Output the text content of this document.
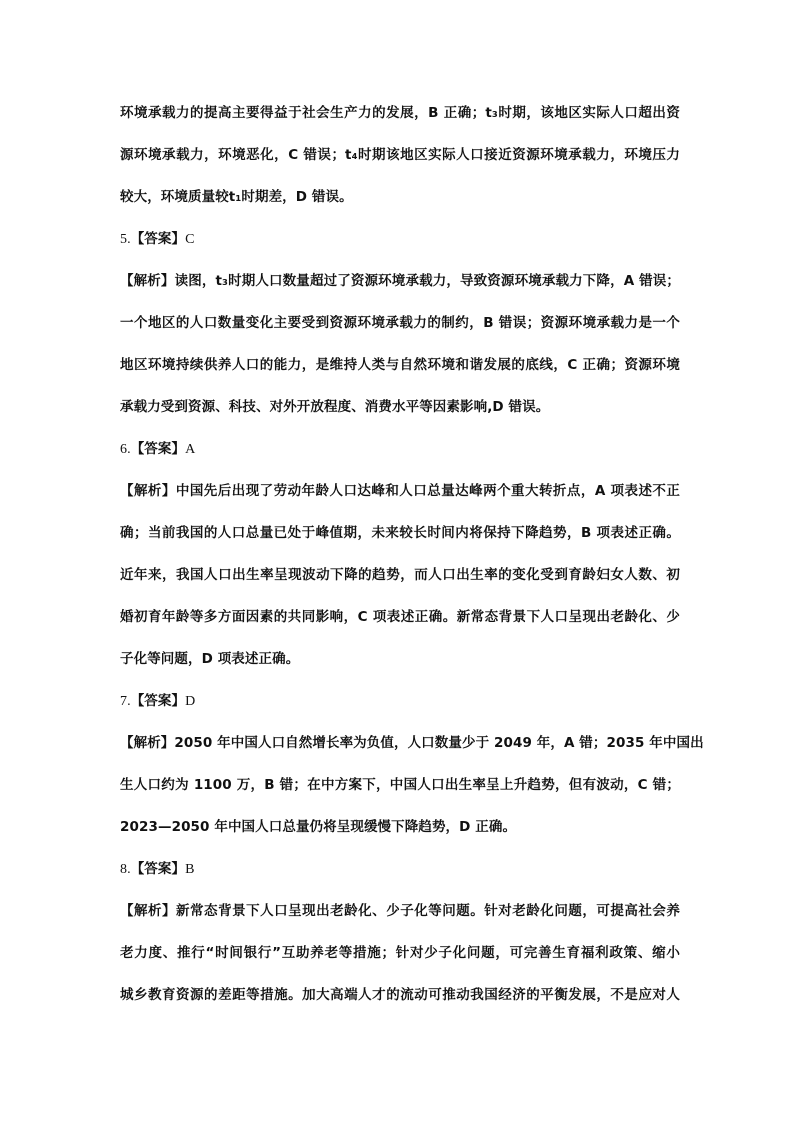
环境承载力的提高主要得益于社会生产力的发展，B 正确；t₃时期，该地区实际人口超出资
源环境承载力，环境恶化，C 错误；t₄时期该地区实际人口接近资源环境承载力，环境压力
较大，环境质量较t₁时期差，D 错误。
5.【答案】C
【解析】读图，t₃时期人口数量超过了资源环境承载力，导致资源环境承载力下降，A 错误；
一个地区的人口数量变化主要受到资源环境承载力的制约，B 错误；资源环境承载力是一个
地区环境持续供养人口的能力，是维持人类与自然环境和谐发展的底线，C 正确；资源环境
承载力受到资源、科技、对外开放程度、消费水平等因素影响,D 错误。
6.【答案】A
【解析】中国先后出现了劳动年龄人口达峰和人口总量达峰两个重大转折点，A 项表述不正
确；当前我国的人口总量已处于峰值期，未来较长时间内将保持下降趋势，B 项表述正确。
近年来，我国人口出生率呈现波动下降的趋势，而人口出生率的变化受到育龄妇女人数、初
婚初育年龄等多方面因素的共同影响，C 项表述正确。新常态背景下人口呈现出老龄化、少
子化等问题，D 项表述正确。
7.【答案】D
【解析】2050 年中国人口自然增长率为负值，人口数量少于 2049 年，A 错；2035 年中国出
生人口约为 1100 万，B 错；在中方案下，中国人口出生率呈上升趋势，但有波动，C 错；
2023—2050 年中国人口总量仍将呈现缓慢下降趋势，D 正确。
8.【答案】B
【解析】新常态背景下人口呈现出老龄化、少子化等问题。针对老龄化问题，可提高社会养
老力度、推行“时间银行”互助养老等措施；针对少子化问题，可完善生育福利政策、缩小
城乡教育资源的差距等措施。加大高端人才的流动可推动我国经济的平衡发展，不是应对人
